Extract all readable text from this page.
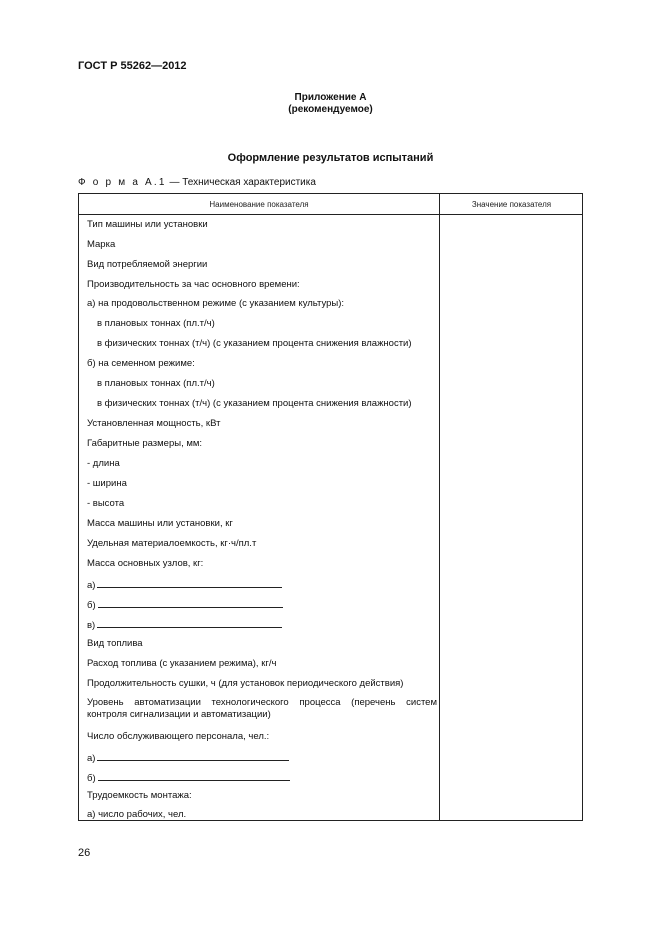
ГОСТ Р 55262—2012
Приложение А
(рекомендуемое)
Оформление результатов испытаний
Ф о р м а А.1 — Техническая характеристика
Наименование показателя	Значение показателя
Тип машины или установки
Марка
Вид потребляемой энергии
Производительность за час основного времени:
а) на продовольственном режиме (с указанием культуры):
в плановых тоннах (пл.т/ч)
в физических тоннах (т/ч) (с указанием процента снижения влажности)
б) на семенном режиме:
в плановых тоннах (пл.т/ч)
в физических тоннах (т/ч) (с указанием процента снижения влажности)
Установленная мощность, кВт
Габаритные размеры, мм:
- длина
- ширина
- высота
Масса машины или установки, кг
Удельная материалоемкость, кг·ч/пл.т
Масса основных узлов, кг:
а)
б)
в)
Вид топлива
Расход топлива (с указанием режима), кг/ч
Продолжительность сушки, ч (для установок периодического действия)
Уровень автоматизации технологического процесса (перечень систем контроля сигнализации и автоматизации)
Число обслуживающего персонала, чел.:
а)
б)
Трудоемкость монтажа:
а) число рабочих, чел.
26
